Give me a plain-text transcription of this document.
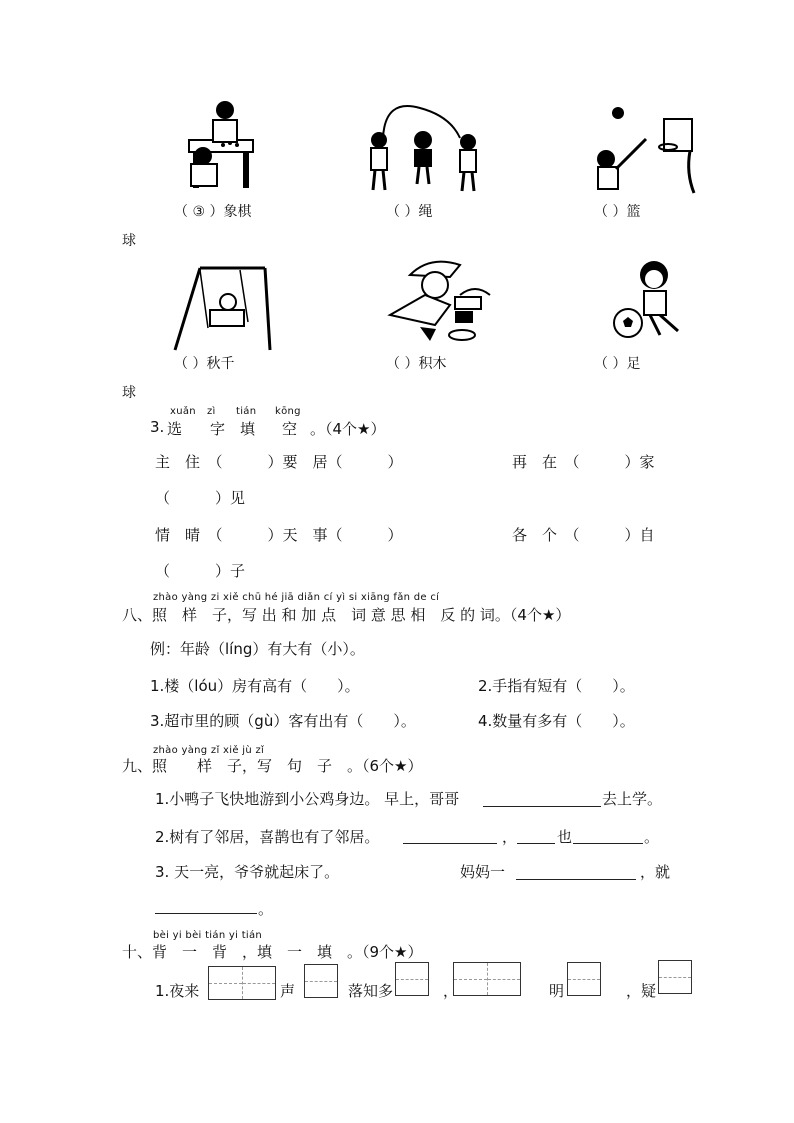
（ ③ ）象棋	（ ）绳	（ ）篮
球
（ ）秋千	（ ）积木	（ ）足
球
3.
xuǎn zì tián kōng
选 字 填 空 。（4个★）
主　住　（　　　）要　居（　　　）	再　在　（　　　）家
（　　　）见
情　晴　（　　　）天　事（　　　）	各　个　（　　　）自
（　　　）子
zhào yàng zi xiě chū hé jiā diǎn cí yì si xiāng fǎn de cí
八、照　样　子，写 出 和 加 点　词 意 思 相　反 的 词。（4个★）
例：年龄（líng）有大有（小）。
1.楼（lóu）房有高有（　　）。	2.手指有短有（　　）。
3.超市里的顾（gù）客有出有（　　）。	4.数量有多有（　　）。
zhào yàng zǐ xiě jù zǐ
九、照　　样　子，写　句　子　。（6个★）
1.小鸭子飞快地游到小公鸡身边。 早上，哥哥	去上学。
2.树有了邻居，喜鹊也有了邻居。	，	也	。
3. 天一亮，爷爷就起床了。	妈妈一	，就
。
bèi yi bèi tián yi tián
十、背　一　背　，填　一　填　。（9个★）
1.夜来	声	落知多	，	明	，疑
